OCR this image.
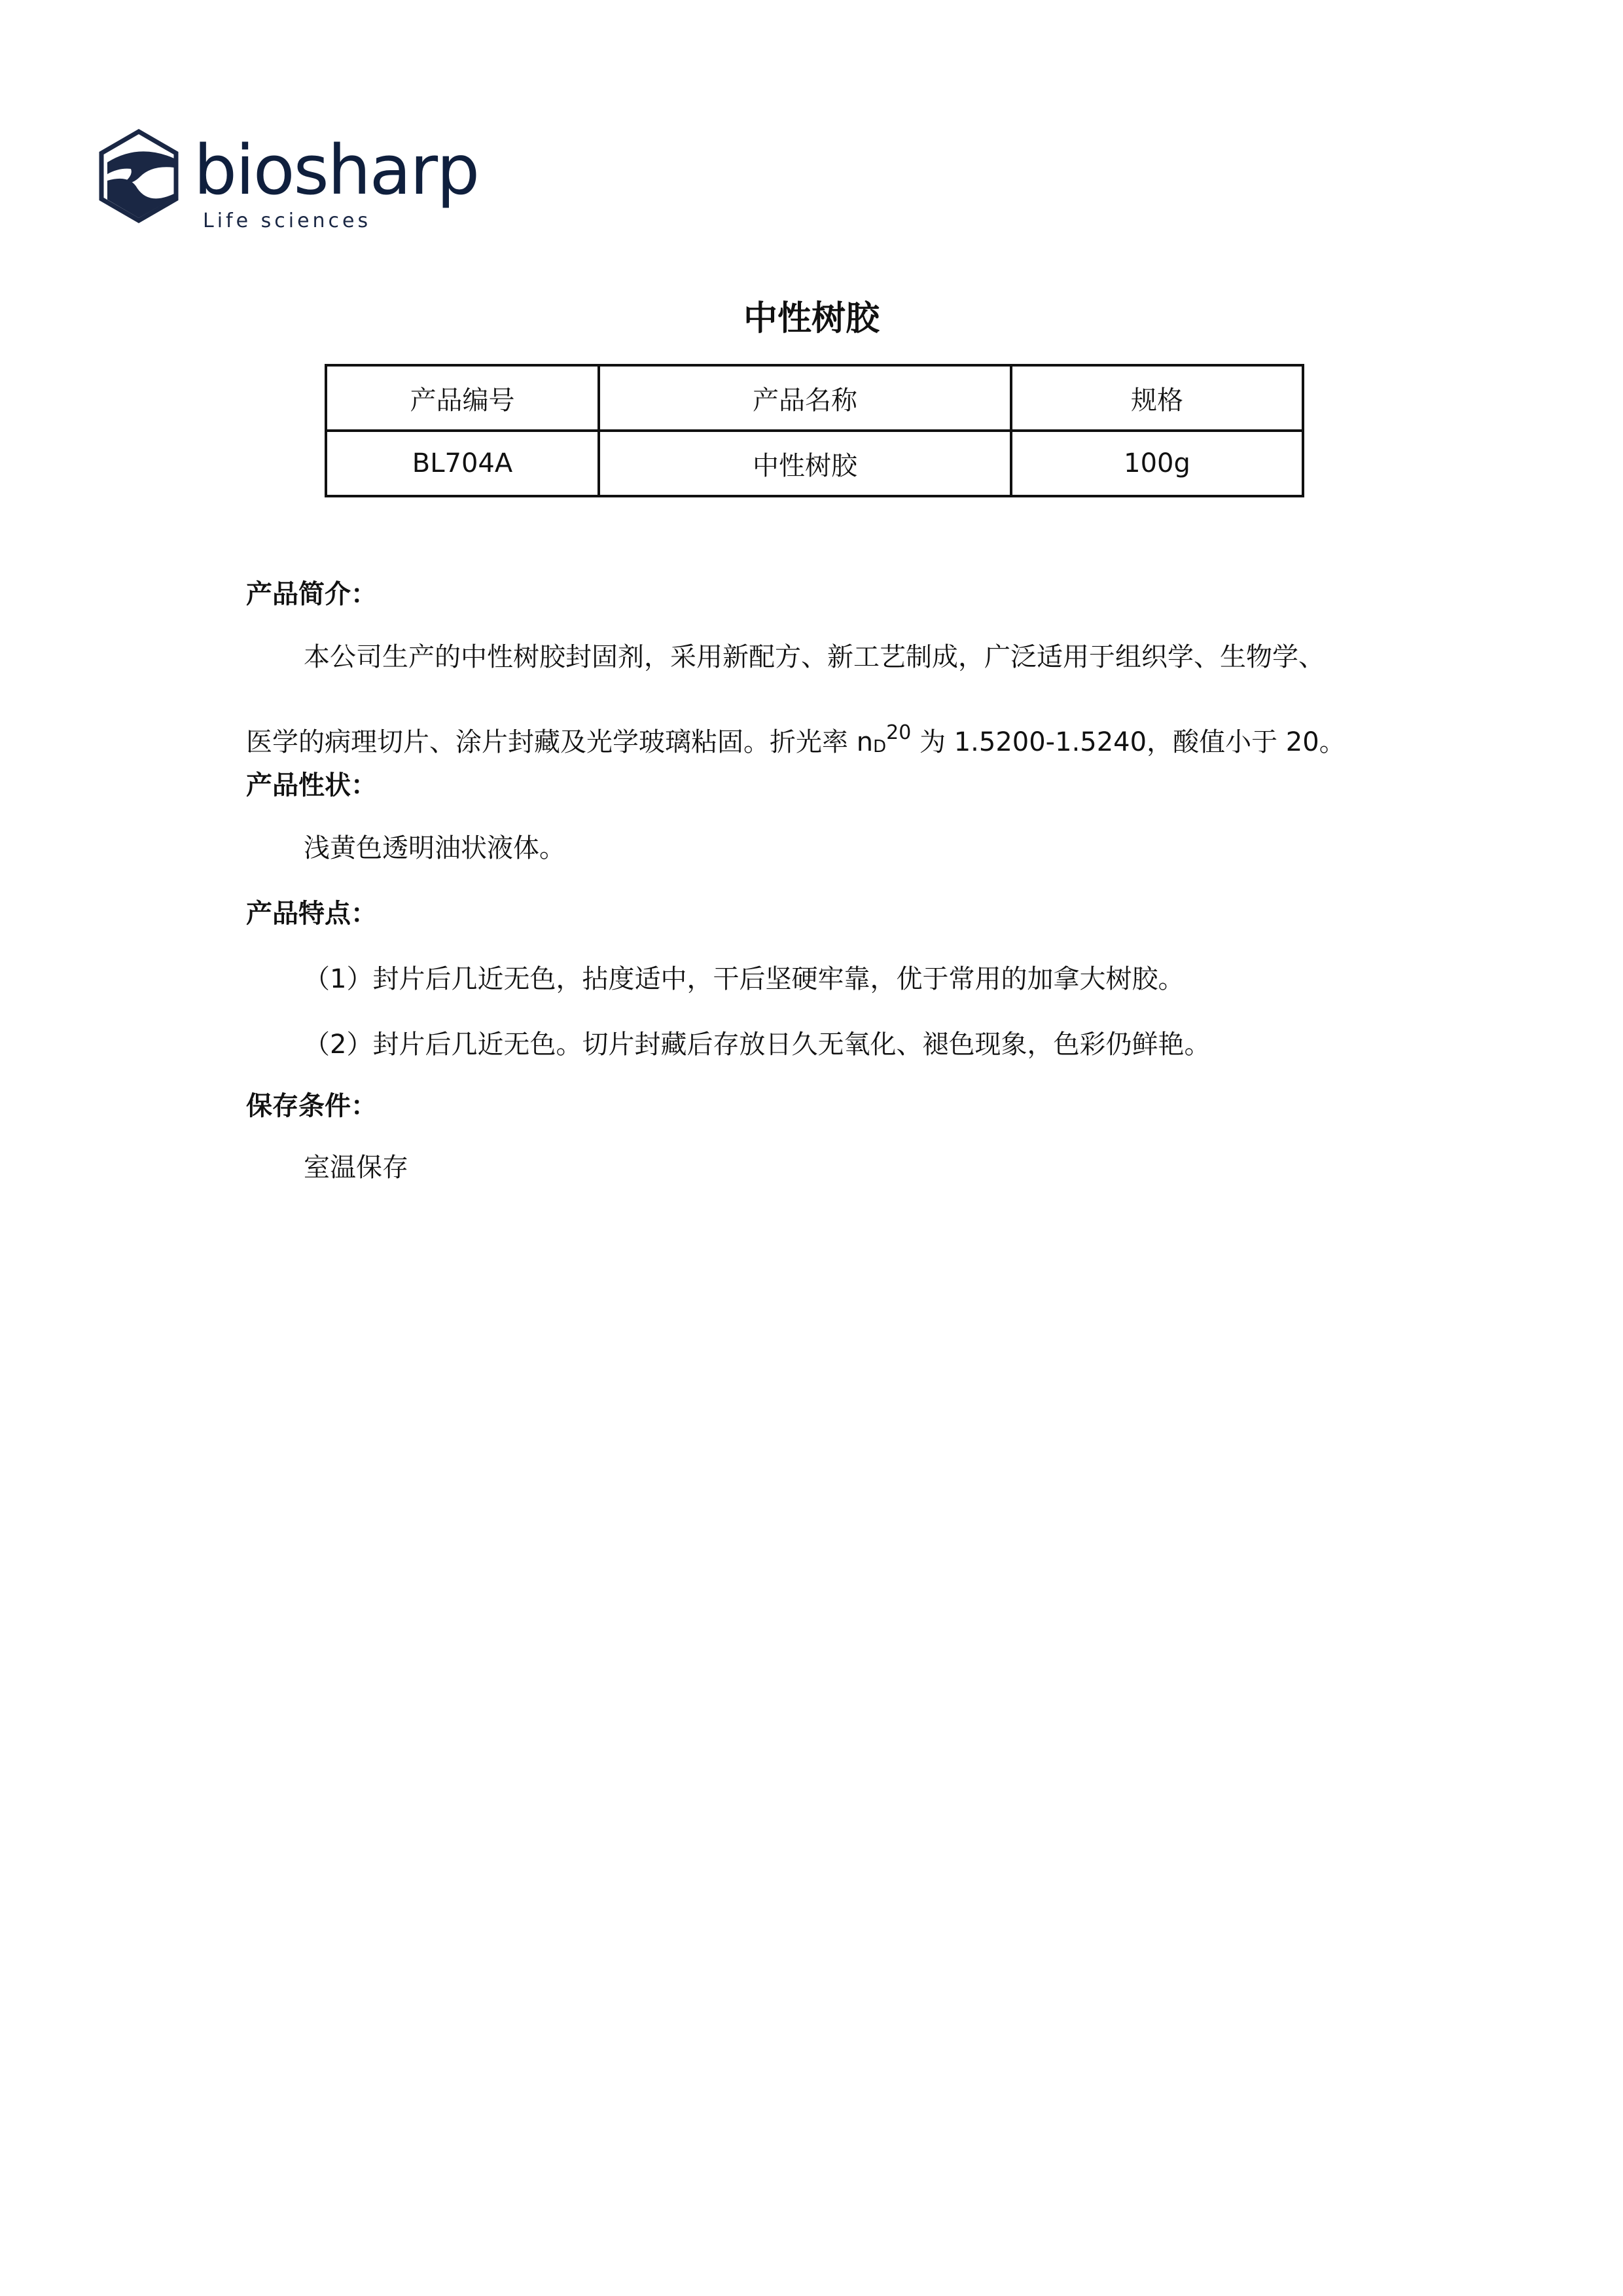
biosharp
Life sciences
中性树胶
产品编号	产品名称	规格
BL704A	中性树胶	100g
产品简介：
本公司生产的中性树胶封固剂，采用新配方、新工艺制成，广泛适用于组织学、生物学、
医学的病理切片、涂片封藏及光学玻璃粘固。折光率 $n_D^{20}$ 为 1.5200-1.5240，酸值小于 20。
产品性状：
浅黄色透明油状液体。
产品特点：
（1）封片后几近无色，拈度适中，干后坚硬牢靠，优于常用的加拿大树胶。
（2）封片后几近无色。切片封藏后存放日久无氧化、褪色现象，色彩仍鲜艳。
保存条件：
室温保存
